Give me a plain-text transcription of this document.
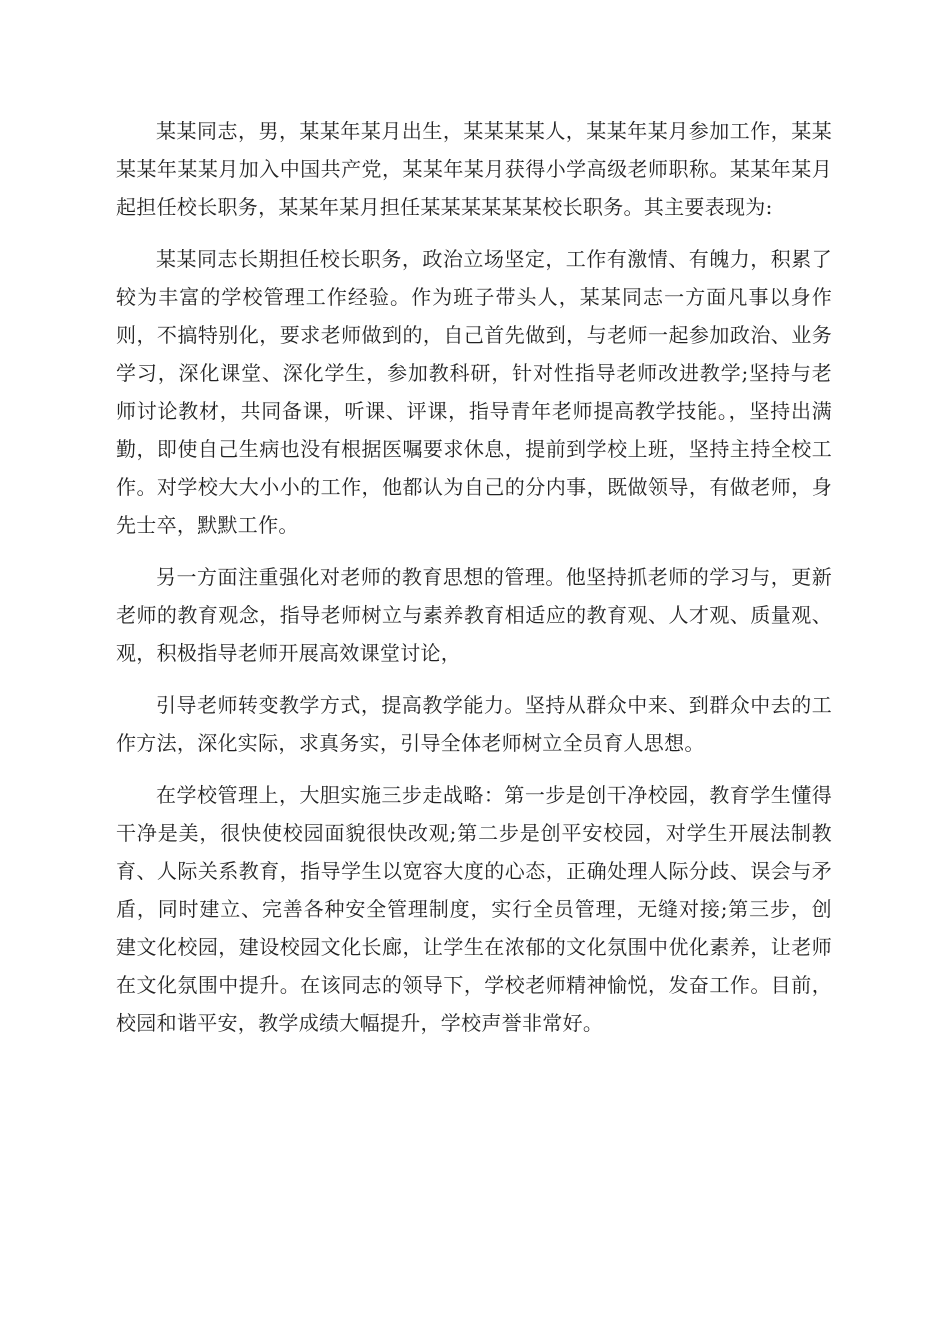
某某同志，男，某某年某月出生，某某某某人，某某年某月参加工作，某某某某年某某月加入中国共产党，某某年某月获得小学高级老师职称。某某年某月起担任校长职务，某某年某月担任某某某某某某校长职务。其主要表现为:

某某同志长期担任校长职务，政治立场坚定，工作有激情、有魄力，积累了较为丰富的学校管理工作经验。作为班子带头人，某某同志一方面凡事以身作则，不搞特别化，要求老师做到的，自己首先做到，与老师一起参加政治、业务学习，深化课堂、深化学生，参加教科研，针对性指导老师改进教学;坚持与老师讨论教材，共同备课，听课、评课，指导青年老师提高教学技能。，坚持出满勤，即使自己生病也没有根据医嘱要求休息，提前到学校上班，坚持主持全校工作。对学校大大小小的工作，他都认为自己的分内事，既做领导，有做老师，身先士卒，默默工作。

另一方面注重强化对老师的教育思想的管理。他坚持抓老师的学习与，更新老师的教育观念，指导老师树立与素养教育相适应的教育观、人才观、质量观、观，积极指导老师开展高效课堂讨论，

引导老师转变教学方式，提高教学能力。坚持从群众中来、到群众中去的工作方法，深化实际，求真务实，引导全体老师树立全员育人思想。

在学校管理上，大胆实施三步走战略：第一步是创干净校园，教育学生懂得干净是美，很快使校园面貌很快改观;第二步是创平安校园，对学生开展法制教育、人际关系教育，指导学生以宽容大度的心态，正确处理人际分歧、误会与矛盾，同时建立、完善各种安全管理制度，实行全员管理，无缝对接;第三步，创建文化校园，建设校园文化长廊，让学生在浓郁的文化氛围中优化素养，让老师在文化氛围中提升。在该同志的领导下，学校老师精神愉悦，发奋工作。目前，校园和谐平安，教学成绩大幅提升，学校声誉非常好。
